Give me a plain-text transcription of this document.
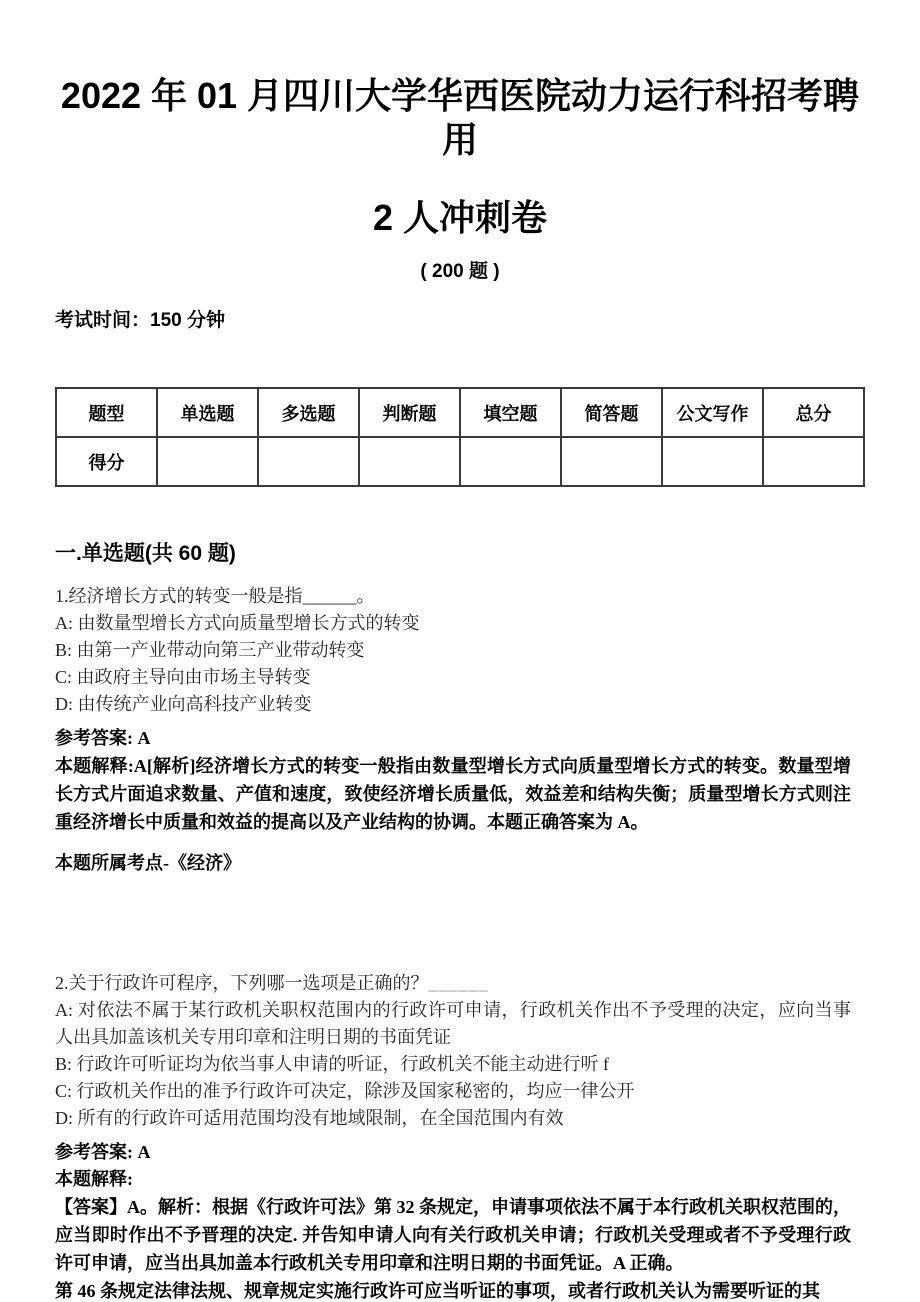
2022 年 01 月四川大学华西医院动力运行科招考聘用
2 人冲刺卷
( 200 题 )
考试时间：150 分钟
题型	单选题	多选题	判断题	填空题	简答题	公文写作	总分
得分							
一.单选题(共 60 题)
1.经济增长方式的转变一般是指______。
A: 由数量型增长方式向质量型增长方式的转变
B: 由第一产业带动向第三产业带动转变
C: 由政府主导向由市场主导转变
D: 由传统产业向高科技产业转变
参考答案: A
本题解释:A[解析]经济增长方式的转变一般指由数量型增长方式向质量型增长方式的转变。数量型增长方式片面追求数量、产值和速度，致使经济增长质量低，效益差和结构失衡；质量型增长方式则注重经济增长中质量和效益的提高以及产业结构的协调。本题正确答案为 A。
本题所属考点-《经济》
2.关于行政许可程序，下列哪一选项是正确的？______
A: 对依法不属于某行政机关职权范围内的行政许可申请，行政机关作出不予受理的决定，应向当事人出具加盖该机关专用印章和注明日期的书面凭证
B: 行政许可听证均为依当事人申请的听证，行政机关不能主动进行听 f
C: 行政机关作出的准予行政许可决定，除涉及国家秘密的，均应一律公开
D: 所有的行政许可适用范围均没有地域限制，在全国范围内有效
参考答案: A
本题解释:
【答案】A。解析：根据《行政许可法》第 32 条规定，申请事项依法不属于本行政机关职权范围的，应当即时作出不予晋理的决定. 并告知申请人向有关行政机关申请；行政机关受理或者不予受理行政许可申请，应当出具加盖本行政机关专用印章和注明日期的书面凭证。A 正确。
第 46 条规定法律法规、规章规定实施行政许可应当听证的事项，或者行政机关认为需要听证的其
